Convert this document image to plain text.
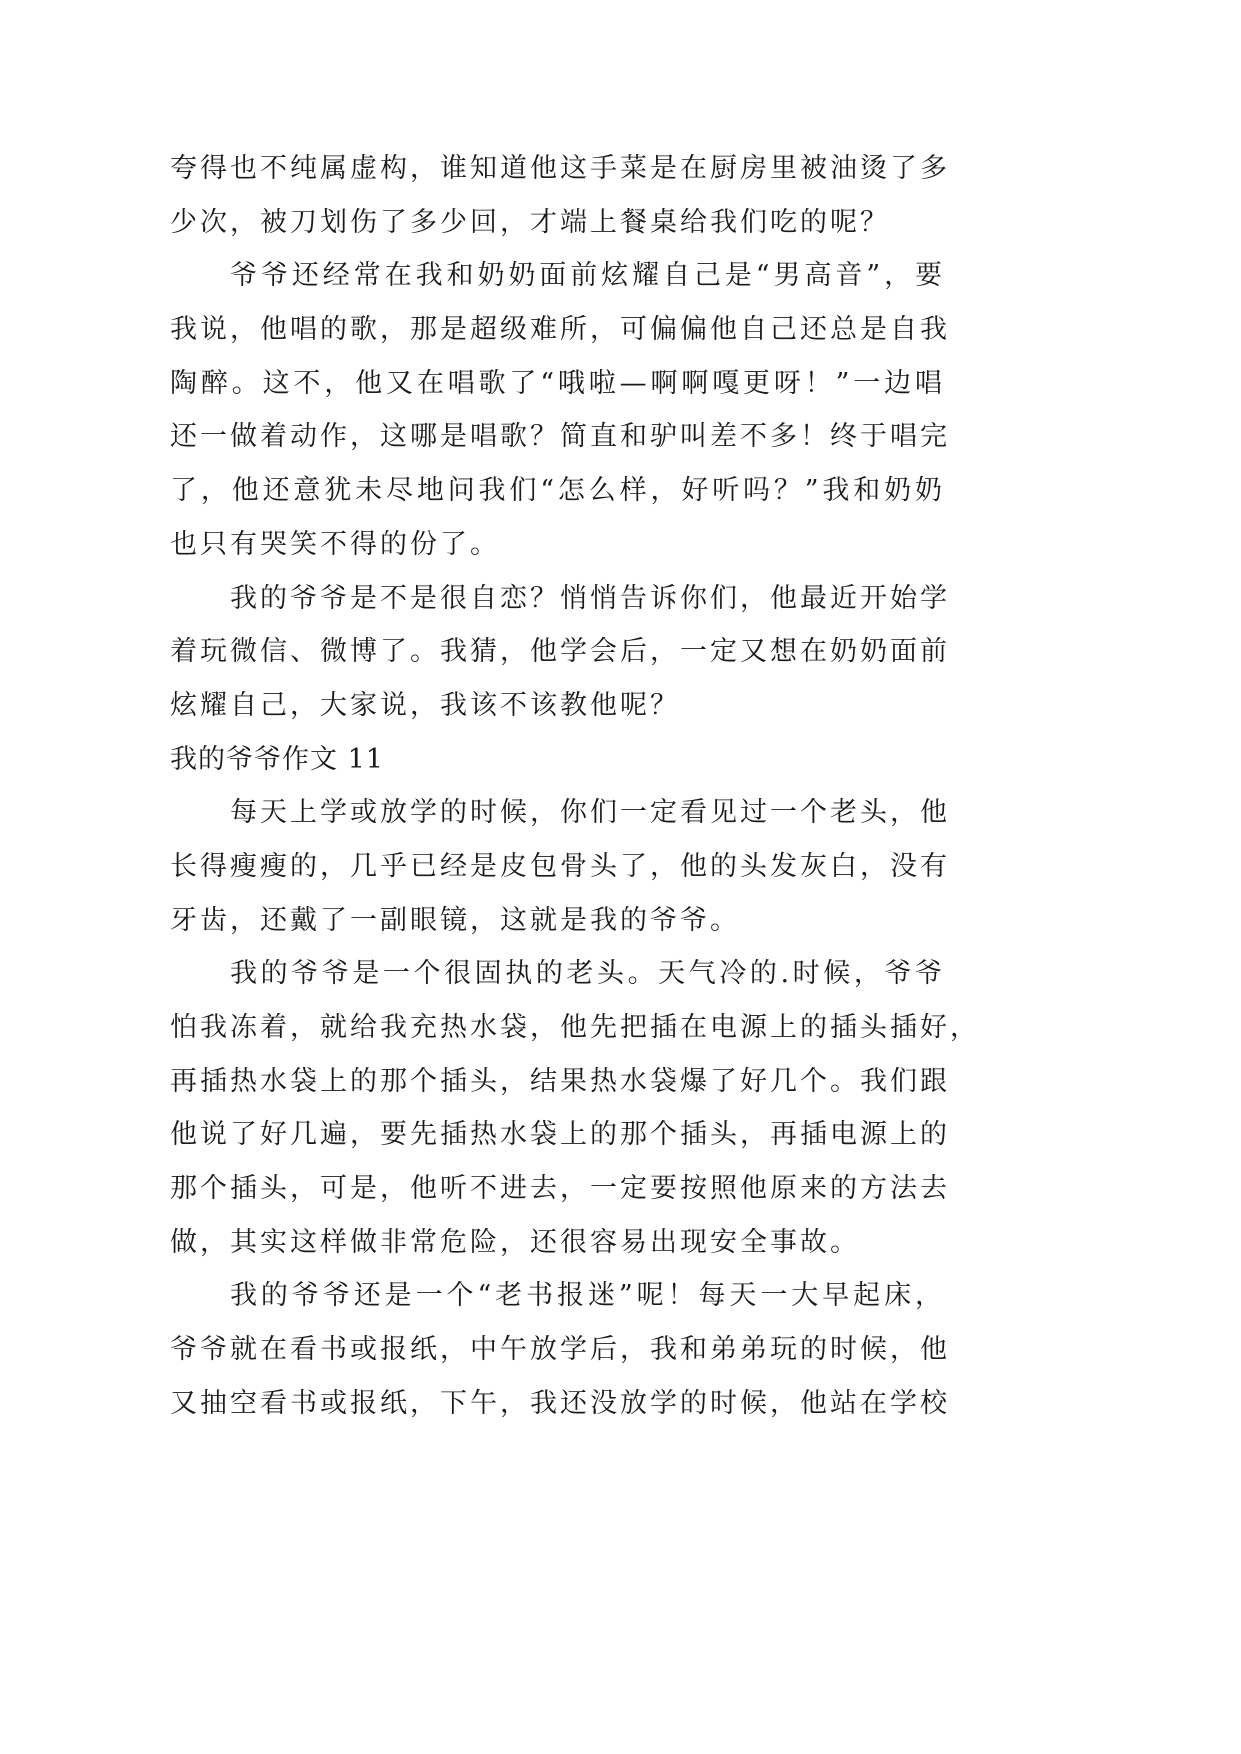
夸得也不纯属虚构，谁知道他这手菜是在厨房里被油烫了多
少次，被刀划伤了多少回，才端上餐桌给我们吃的呢？
爷爷还经常在我和奶奶面前炫耀自己是“男高音”，要
我说，他唱的歌，那是超级难所，可偏偏他自己还总是自我
陶醉。这不，他又在唱歌了“哦啦—啊啊嘎更呀！”一边唱
还一做着动作，这哪是唱歌？简直和驴叫差不多！终于唱完
了，他还意犹未尽地问我们“怎么样，好听吗？”我和奶奶
也只有哭笑不得的份了。
我的爷爷是不是很自恋？悄悄告诉你们，他最近开始学
着玩微信、微博了。我猜，他学会后，一定又想在奶奶面前
炫耀自己，大家说，我该不该教他呢？
我的爷爷作文 11
每天上学或放学的时候，你们一定看见过一个老头，他
长得瘦瘦的，几乎已经是皮包骨头了，他的头发灰白，没有
牙齿，还戴了一副眼镜，这就是我的爷爷。
我的爷爷是一个很固执的老头。天气冷的.时候，爷爷
怕我冻着，就给我充热水袋，他先把插在电源上的插头插好，
再插热水袋上的那个插头，结果热水袋爆了好几个。我们跟
他说了好几遍，要先插热水袋上的那个插头，再插电源上的
那个插头，可是，他听不进去，一定要按照他原来的方法去
做，其实这样做非常危险，还很容易出现安全事故。
我的爷爷还是一个“老书报迷”呢！每天一大早起床，
爷爷就在看书或报纸，中午放学后，我和弟弟玩的时候，他
又抽空看书或报纸，下午，我还没放学的时候，他站在学校
